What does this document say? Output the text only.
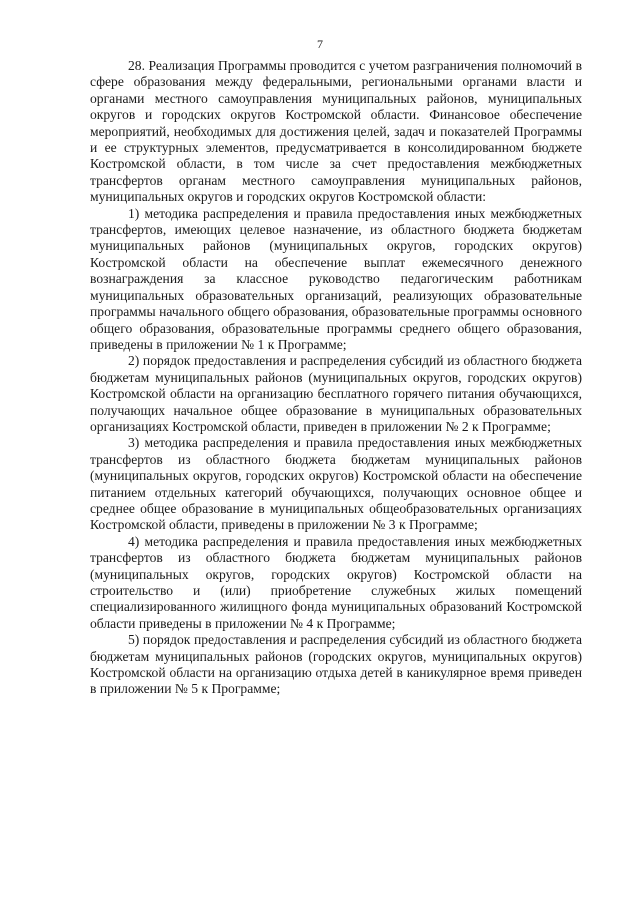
7

28. Реализация Программы проводится с учетом разграничения полномочий в сфере образования между федеральными, региональными органами власти и органами местного самоуправления муниципальных районов, муниципальных округов и городских округов Костромской области. Финансовое обеспечение мероприятий, необходимых для достижения целей, задач и показателей Программы и ее структурных элементов, предусматривается в консолидированном бюджете Костромской области, в том числе за счет предоставления межбюджетных трансфертов органам местного самоуправления муниципальных районов, муниципальных округов и городских округов Костромской области:

1) методика распределения и правила предоставления иных межбюджетных трансфертов, имеющих целевое назначение, из областного бюджета бюджетам муниципальных районов (муниципальных округов, городских округов) Костромской области на обеспечение выплат ежемесячного денежного вознаграждения за классное руководство педагогическим работникам муниципальных образовательных организаций, реализующих образовательные программы начального общего образования, образовательные программы основного общего образования, образовательные программы среднего общего образования, приведены в приложении № 1 к Программе;

2) порядок предоставления и распределения субсидий из областного бюджета бюджетам муниципальных районов (муниципальных округов, городских округов) Костромской области на организацию бесплатного горячего питания обучающихся, получающих начальное общее образование в муниципальных образовательных организациях Костромской области, приведен в приложении № 2 к Программе;

3) методика распределения и правила предоставления иных межбюджетных трансфертов из областного бюджета бюджетам муниципальных районов (муниципальных округов, городских округов) Костромской области на обеспечение питанием отдельных категорий обучающихся, получающих основное общее и среднее общее образование в муниципальных общеобразовательных организациях Костромской области, приведены в приложении № 3 к Программе;

4) методика распределения и правила предоставления иных межбюджетных трансфертов из областного бюджета бюджетам муниципальных районов (муниципальных округов, городских округов) Костромской области на строительство и (или) приобретение служебных жилых помещений специализированного жилищного фонда муниципальных образований Костромской области приведены в приложении № 4 к Программе;

5) порядок предоставления и распределения субсидий из областного бюджета бюджетам муниципальных районов (городских округов, муниципальных округов) Костромской области на организацию отдыха детей в каникулярное время приведен в приложении № 5 к Программе;
